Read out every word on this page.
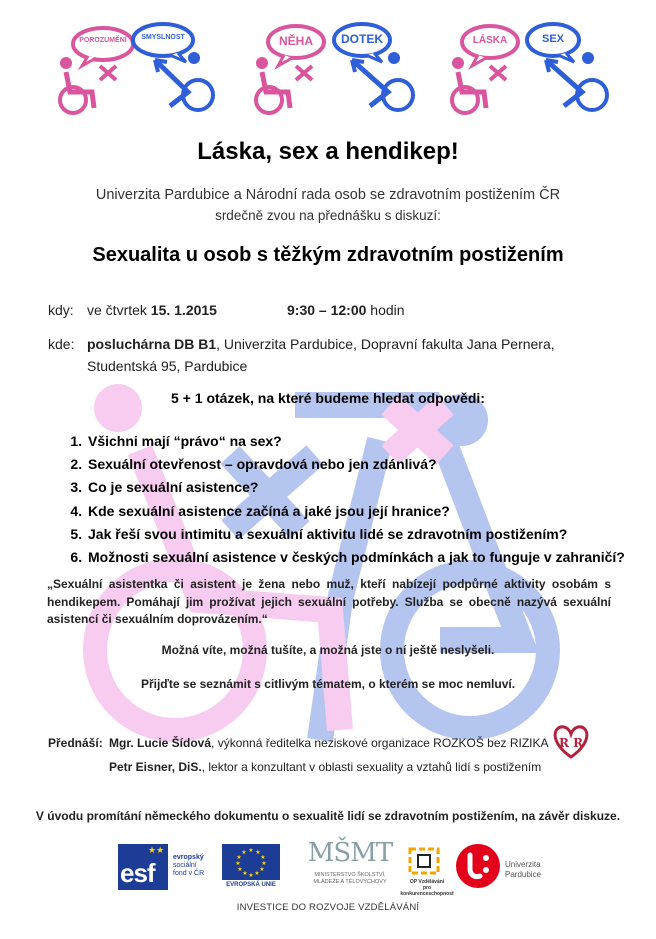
POROZUMĚNÍ	SMYSLNOST	NĚHA	DOTEK	LÁSKA	SEX
Láska, sex a hendikep!
Univerzita Pardubice a Národní rada osob se zdravotním postižením ČR
srdečně zvou na přednášku s diskuzí:
Sexualita u osob s těžkým zdravotním postižením
kdy: ve čtvrtek 15. 1.2015	9:30 – 12:00 hodin
kde: posluchárna DB B1, Univerzita Pardubice, Dopravní fakulta Jana Pernera,
Studentská 95, Pardubice
5 + 1 otázek, na které budeme hledat odpovědi:
1. Všichni mají “právo“ na sex?
2. Sexuální otevřenost – opravdová nebo jen zdánlivá?
3. Co je sexuální asistence?
4. Kde sexuální asistence začíná a jaké jsou její hranice?
5. Jak řeší svou intimitu a sexuální aktivitu lidé se zdravotním postižením?
6. Možnosti sexuální asistence v českých podmínkách a jak to funguje v zahraničí?
„Sexuální asistentka či asistent je žena nebo muž, kteří nabízejí podpůrné aktivity osobám s hendikepem. Pomáhají jim prožívat jejich sexuální potřeby. Služba se obecně nazývá sexuální asistencí či sexuálním doprovázením.“
Možná víte, možná tušíte, a možná jste o ní ještě neslyšeli.
Přijďte se seznámit s citlivým tématem, o kterém se moc nemluví.
Přednáší: Mgr. Lucie Šídová, výkonná ředitelka neziskové organizace ROZKOŠ bez RIZIKA
Petr Eisner, DiS., lektor a konzultant v oblasti sexuality a vztahů lidí s postižením
R R
V úvodu promítání německého dokumentu o sexualitě lidí se zdravotním postižením, na závěr diskuze.
esf
★★
evropský
sociální
fond v ČR
★ ★
★
★
★
★
★
★
★
★
★
★
EVROPSKÁ UNIE
MŠMT
MINISTERSTVO ŠKOLSTVÍ,
MLÁDEŽE A TĚLOVÝCHOVY	OP Vzdělávání
pro konkurenceschopnost
Univerzita
Pardubice
INVESTICE DO ROZVOJE VZDĚLÁVÁNÍ
